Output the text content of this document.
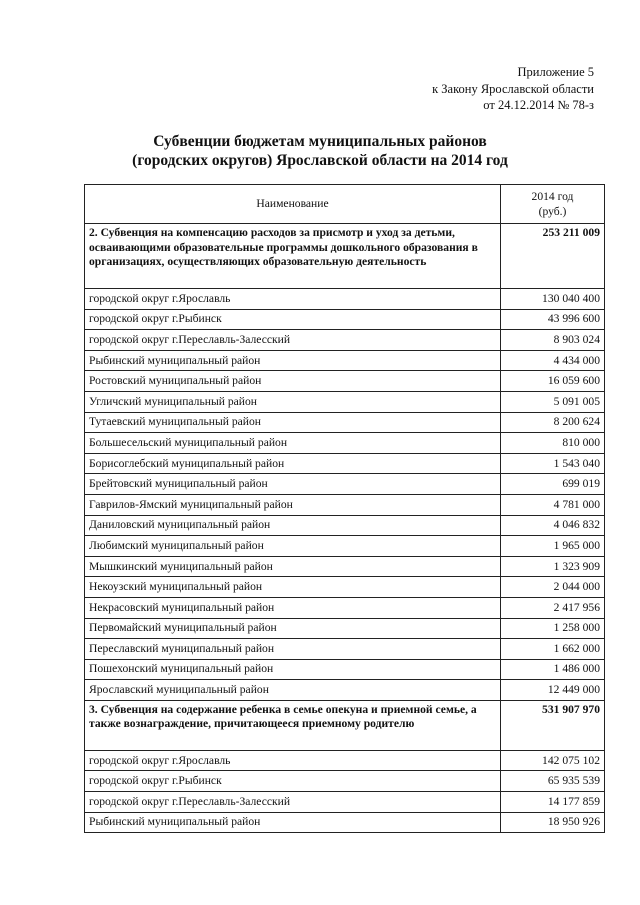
Приложение 5
к Закону Ярославской области
от 24.12.2014 № 78-з
Субвенции бюджетам муниципальных районов
(городских округов) Ярославской области на 2014 год
Наименование	2014 год
(руб.)

2. Субвенция на компенсацию расходов за присмотр и уход за детьми, осваивающими образовательные программы дошкольного образования в организациях, осуществляющих образовательную деятельность	253 211 009
городской округ г.Ярославль	130 040 400
городской округ г.Рыбинск	43 996 600
городской округ г.Переславль-Залесский	8 903 024
Рыбинский муниципальный район	4 434 000
Ростовский муниципальный район	16 059 600
Угличский муниципальный район	5 091 005
Тутаевский муниципальный район	8 200 624
Большесельский муниципальный район	810 000
Борисоглебский муниципальный район	1 543 040
Брейтовский муниципальный район	699 019
Гаврилов-Ямский муниципальный район	4 781 000
Даниловский муниципальный район	4 046 832
Любимский муниципальный район	1 965 000
Мышкинский муниципальный район	1 323 909
Некоузский муниципальный район	2 044 000
Некрасовский муниципальный район	2 417 956
Первомайский муниципальный район	1 258 000
Переславский муниципальный район	1 662 000
Пошехонский муниципальный район	1 486 000
Ярославский муниципальный район	12 449 000
3. Субвенция на содержание ребенка в семье опекуна и приемной семье, а также вознаграждение, причитающееся приемному родителю	531 907 970
городской округ г.Ярославль	142 075 102
городской округ г.Рыбинск	65 935 539
городской округ г.Переславль-Залесский	14 177 859
Рыбинский муниципальный район	18 950 926
